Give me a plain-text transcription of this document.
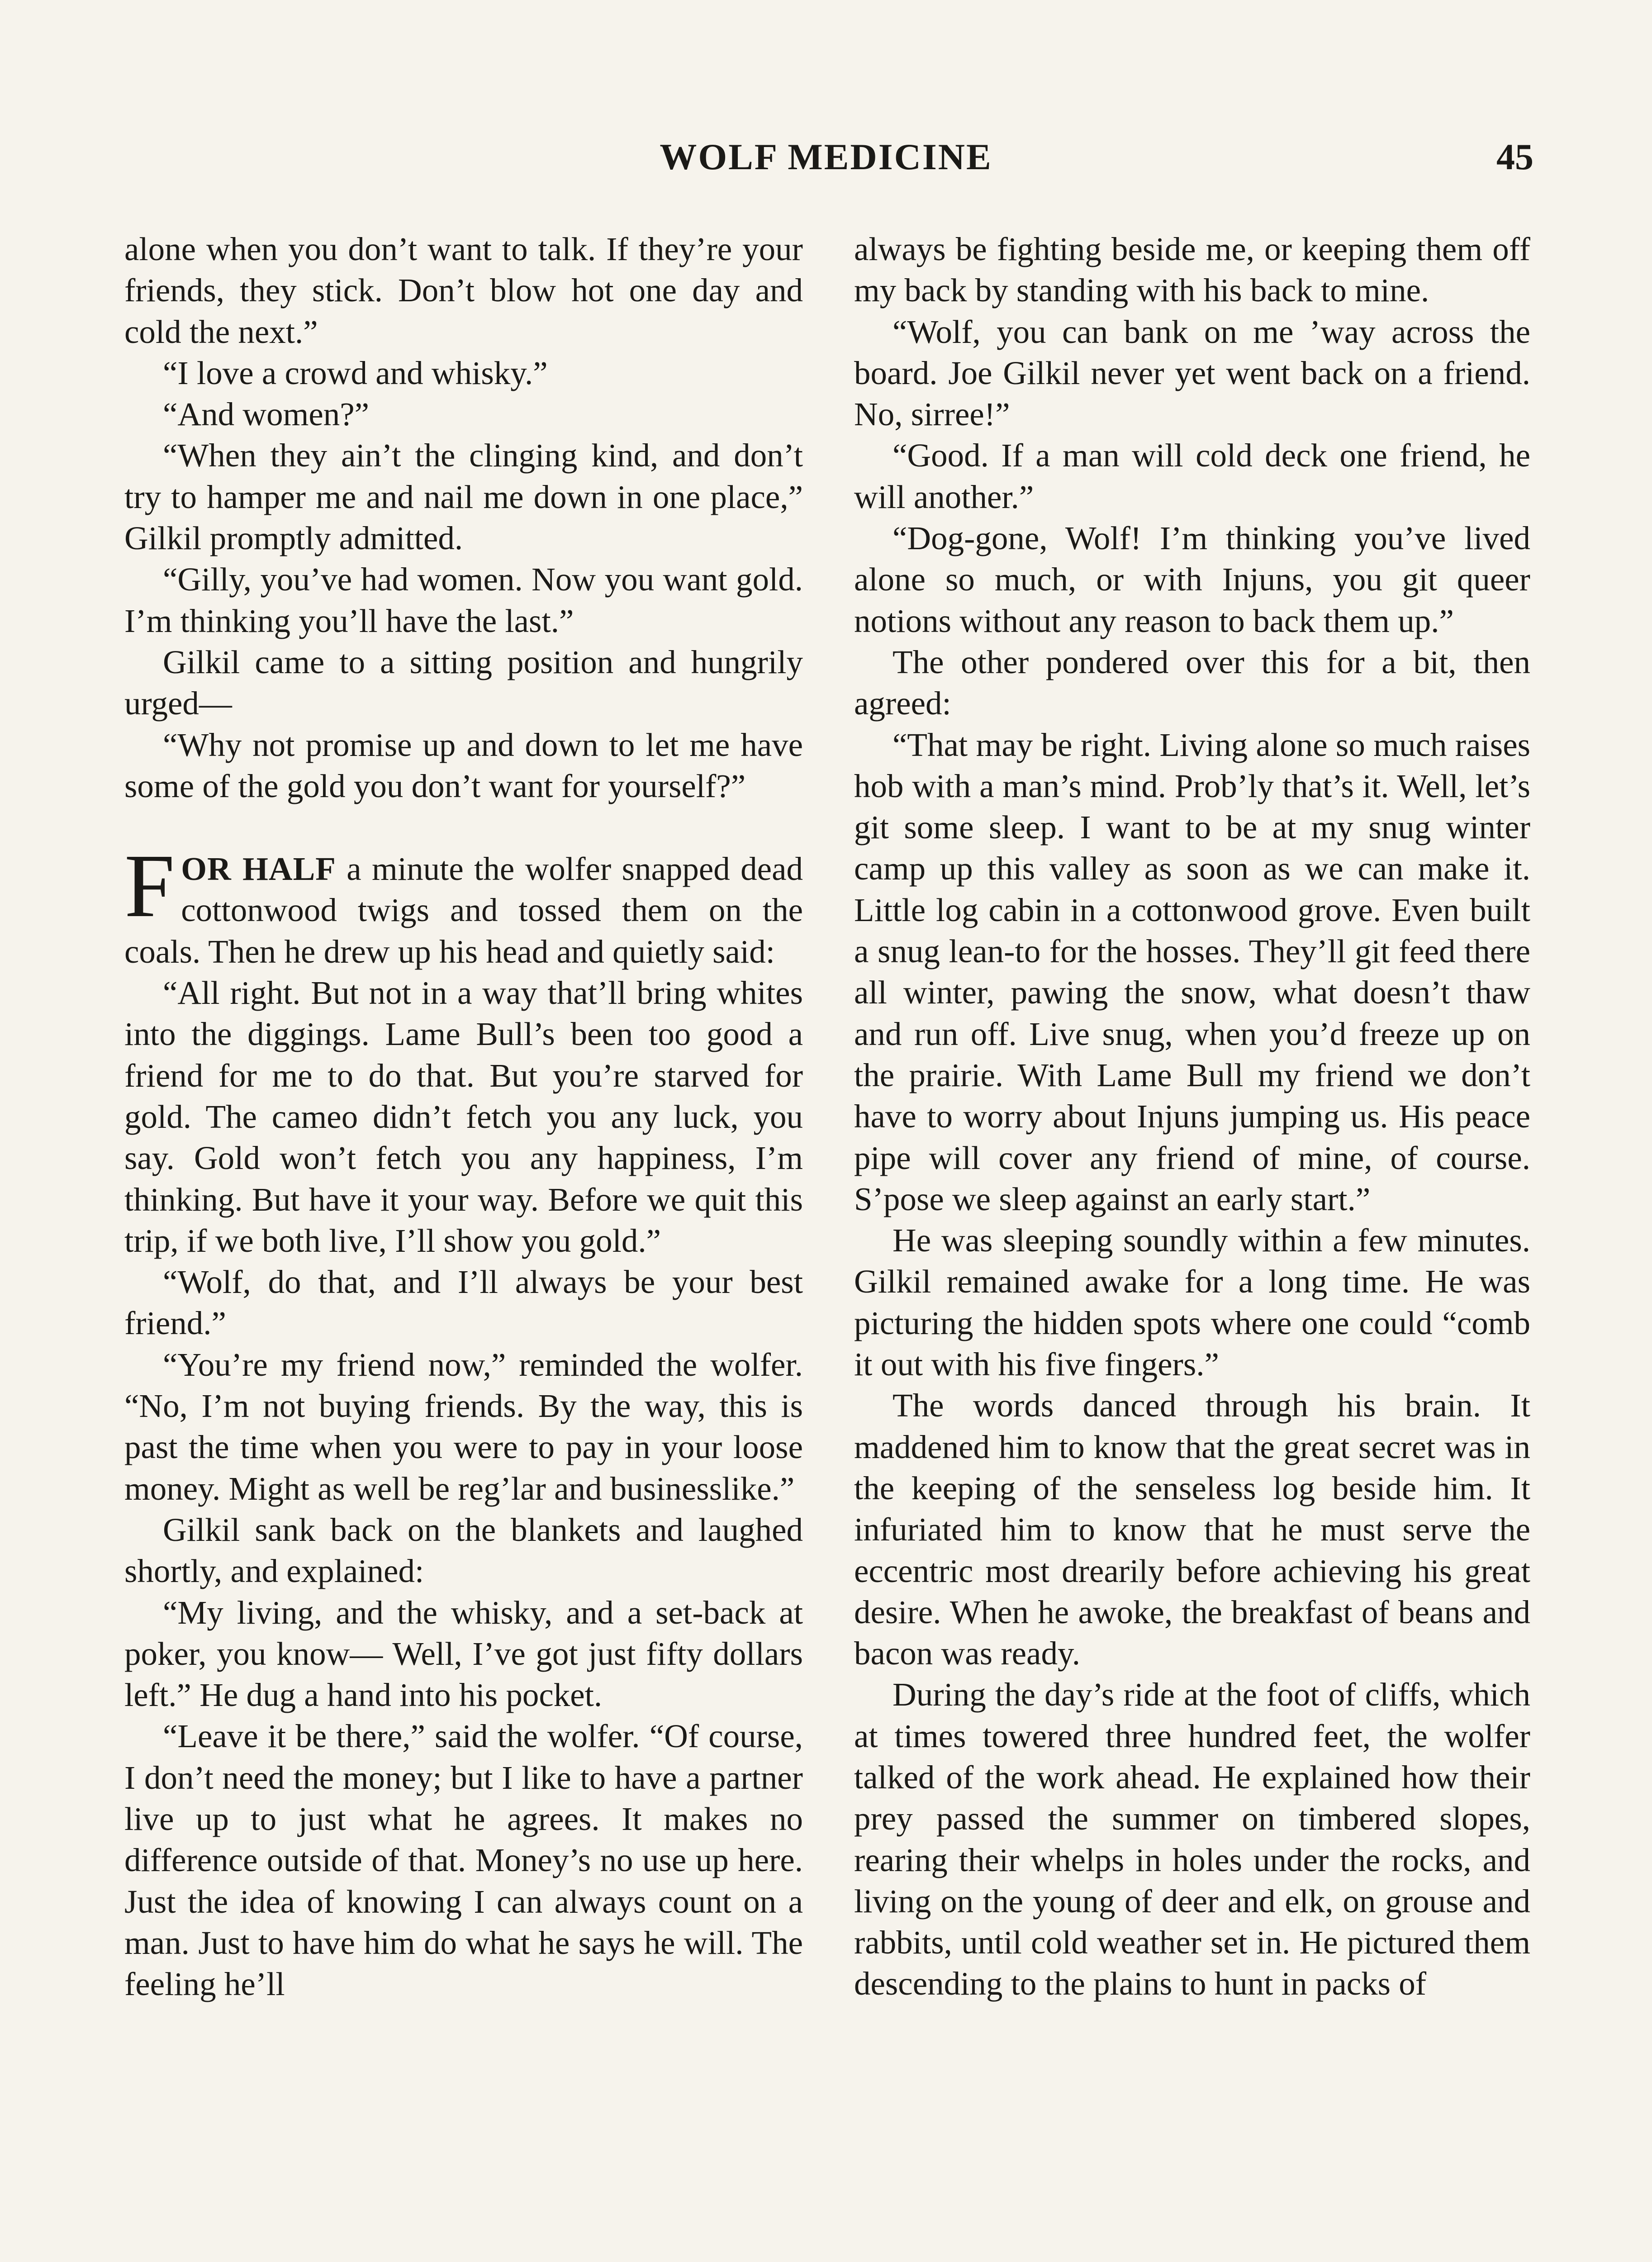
WOLF MEDICINE	45

alone when you don’t want to talk. If they’re your friends, they stick. Don’t blow hot one day and cold the next.”

“I love a crowd and whisky.”

“And women?”

“When they ain’t the clinging kind, and don’t try to hamper me and nail me down in one place,” Gilkil promptly admitted.

“Gilly, you’ve had women. Now you want gold. I’m thinking you’ll have the last.”

Gilkil came to a sitting position and hungrily urged—

“Why not promise up and down to let me have some of the gold you don’t want for yourself?”

FOR HALF a minute the wolfer snapped dead cottonwood twigs and tossed them on the coals. Then he drew up his head and quietly said:

“All right. But not in a way that’ll bring whites into the diggings. Lame Bull’s been too good a friend for me to do that. But you’re starved for gold. The cameo didn’t fetch you any luck, you say. Gold won’t fetch you any happiness, I’m thinking. But have it your way. Before we quit this trip, if we both live, I’ll show you gold.”

“Wolf, do that, and I’ll always be your best friend.”

“You’re my friend now,” reminded the wolfer. “No, I’m not buying friends. By the way, this is past the time when you were to pay in your loose money. Might as well be reg’lar and businesslike.”

Gilkil sank back on the blankets and laughed shortly, and explained:

“My living, and the whisky, and a set-back at poker, you know— Well, I’ve got just fifty dollars left.” He dug a hand into his pocket.

“Leave it be there,” said the wolfer. “Of course, I don’t need the money; but I like to have a partner live up to just what he agrees. It makes no difference outside of that. Money’s no use up here. Just the idea of knowing I can always count on a man. Just to have him do what he says he will. The feeling he’ll

always be fighting beside me, or keeping them off my back by standing with his back to mine.

“Wolf, you can bank on me ’way across the board. Joe Gilkil never yet went back on a friend. No, sirree!”

“Good. If a man will cold deck one friend, he will another.”

“Dog-gone, Wolf! I’m thinking you’ve lived alone so much, or with Injuns, you git queer notions without any reason to back them up.”

The other pondered over this for a bit, then agreed:

“That may be right. Living alone so much raises hob with a man’s mind. Prob’ly that’s it. Well, let’s git some sleep. I want to be at my snug winter camp up this valley as soon as we can make it. Little log cabin in a cottonwood grove. Even built a snug lean-to for the hosses. They’ll git feed there all winter, pawing the snow, what doesn’t thaw and run off. Live snug, when you’d freeze up on the prairie. With Lame Bull my friend we don’t have to worry about Injuns jumping us. His peace pipe will cover any friend of mine, of course. S’pose we sleep against an early start.”

He was sleeping soundly within a few minutes. Gilkil remained awake for a long time. He was picturing the hidden spots where one could “comb it out with his five fingers.”

The words danced through his brain. It maddened him to know that the great secret was in the keeping of the senseless log beside him. It infuriated him to know that he must serve the eccentric most drearily before achieving his great desire. When he awoke, the breakfast of beans and bacon was ready.

During the day’s ride at the foot of cliffs, which at times towered three hundred feet, the wolfer talked of the work ahead. He explained how their prey passed the summer on timbered slopes, rearing their whelps in holes under the rocks, and living on the young of deer and elk, on grouse and rabbits, until cold weather set in. He pictured them descending to the plains to hunt in packs of
